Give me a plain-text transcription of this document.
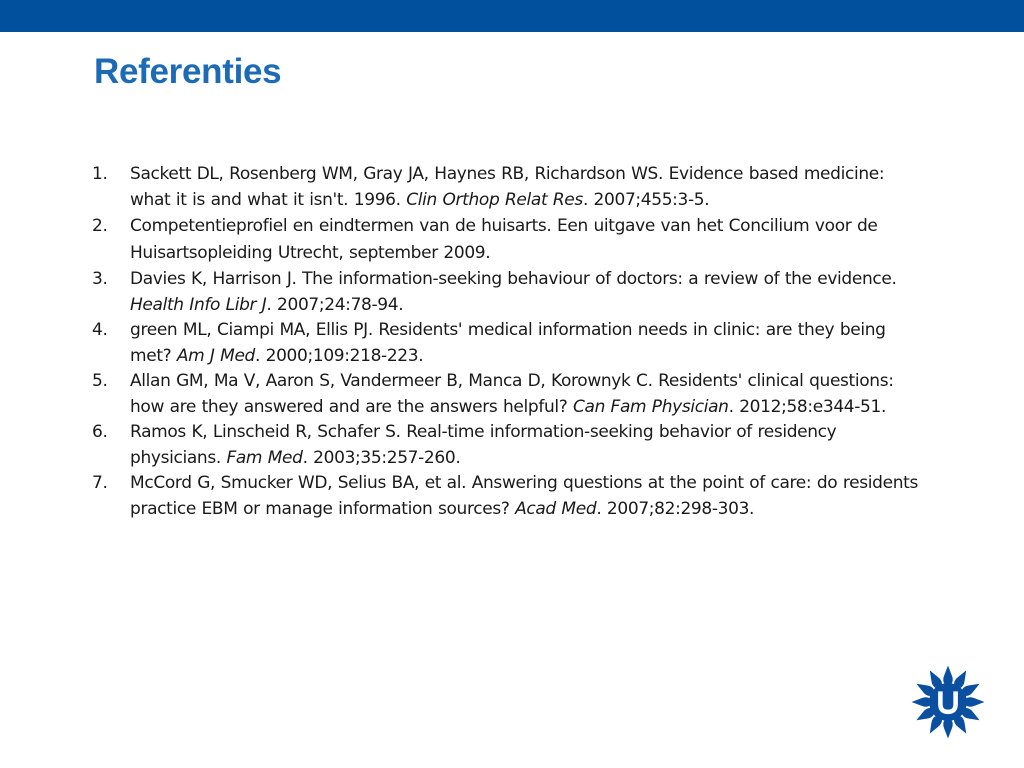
Referenties
1. Sackett DL, Rosenberg WM, Gray JA, Haynes RB, Richardson WS. Evidence based medicine: what it is and what it isn't. 1996. Clin Orthop Relat Res. 2007;455:3-5.
2. Competentieprofiel en eindtermen van de huisarts. Een uitgave van het Concilium voor de Huisartsopleiding Utrecht, september 2009.
3. Davies K, Harrison J. The information-seeking behaviour of doctors: a review of the evidence. Health Info Libr J. 2007;24:78-94.
4. green ML, Ciampi MA, Ellis PJ. Residents' medical information needs in clinic: are they being met? Am J Med. 2000;109:218-223.
5. Allan GM, Ma V, Aaron S, Vandermeer B, Manca D, Korownyk C. Residents' clinical questions: how are they answered and are the answers helpful? Can Fam Physician. 2012;58:e344-51.
6. Ramos K, Linscheid R, Schafer S. Real-time information-seeking behavior of residency physicians. Fam Med. 2003;35:257-260.
7. McCord G, Smucker WD, Selius BA, et al. Answering questions at the point of care: do residents practice EBM or manage information sources? Acad Med. 2007;82:298-303.
